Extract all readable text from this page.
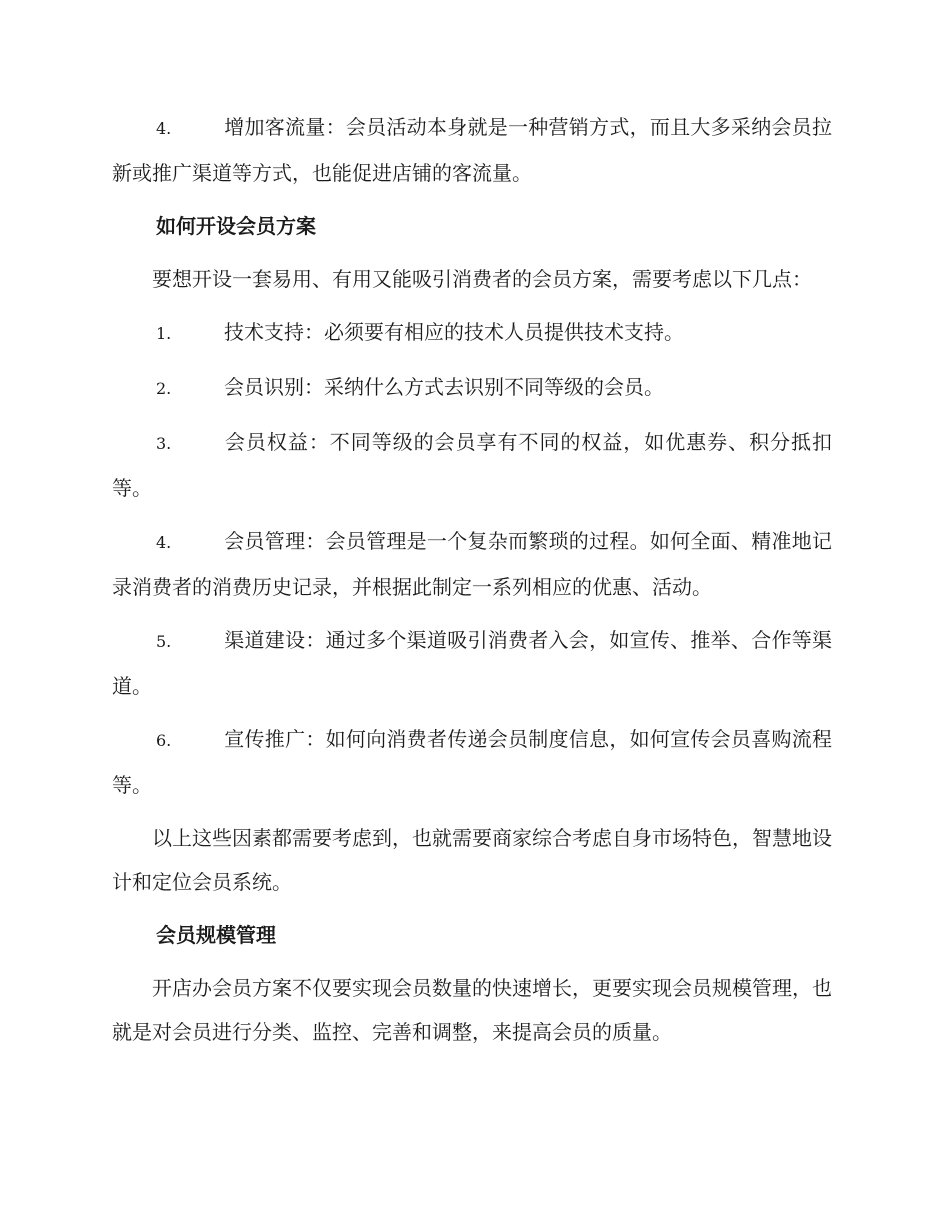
4.	增加客流量：会员活动本身就是一种营销方式，而且大多采纳会员拉新或推广渠道等方式，也能促进店铺的客流量。

如何开设会员方案

要想开设一套易用、有用又能吸引消费者的会员方案，需要考虑以下几点：

1.	技术支持：必须要有相应的技术人员提供技术支持。

2.	会员识别：采纳什么方式去识别不同等级的会员。

3.	会员权益：不同等级的会员享有不同的权益，如优惠券、积分抵扣等。

4.	会员管理：会员管理是一个复杂而繁琐的过程。如何全面、精准地记录消费者的消费历史记录，并根据此制定一系列相应的优惠、活动。

5.	渠道建设：通过多个渠道吸引消费者入会，如宣传、推举、合作等渠道。

6.	宣传推广：如何向消费者传递会员制度信息，如何宣传会员喜购流程等。

以上这些因素都需要考虑到，也就需要商家综合考虑自身市场特色，智慧地设计和定位会员系统。

会员规模管理

开店办会员方案不仅要实现会员数量的快速增长，更要实现会员规模管理，也就是对会员进行分类、监控、完善和调整，来提高会员的质量。
